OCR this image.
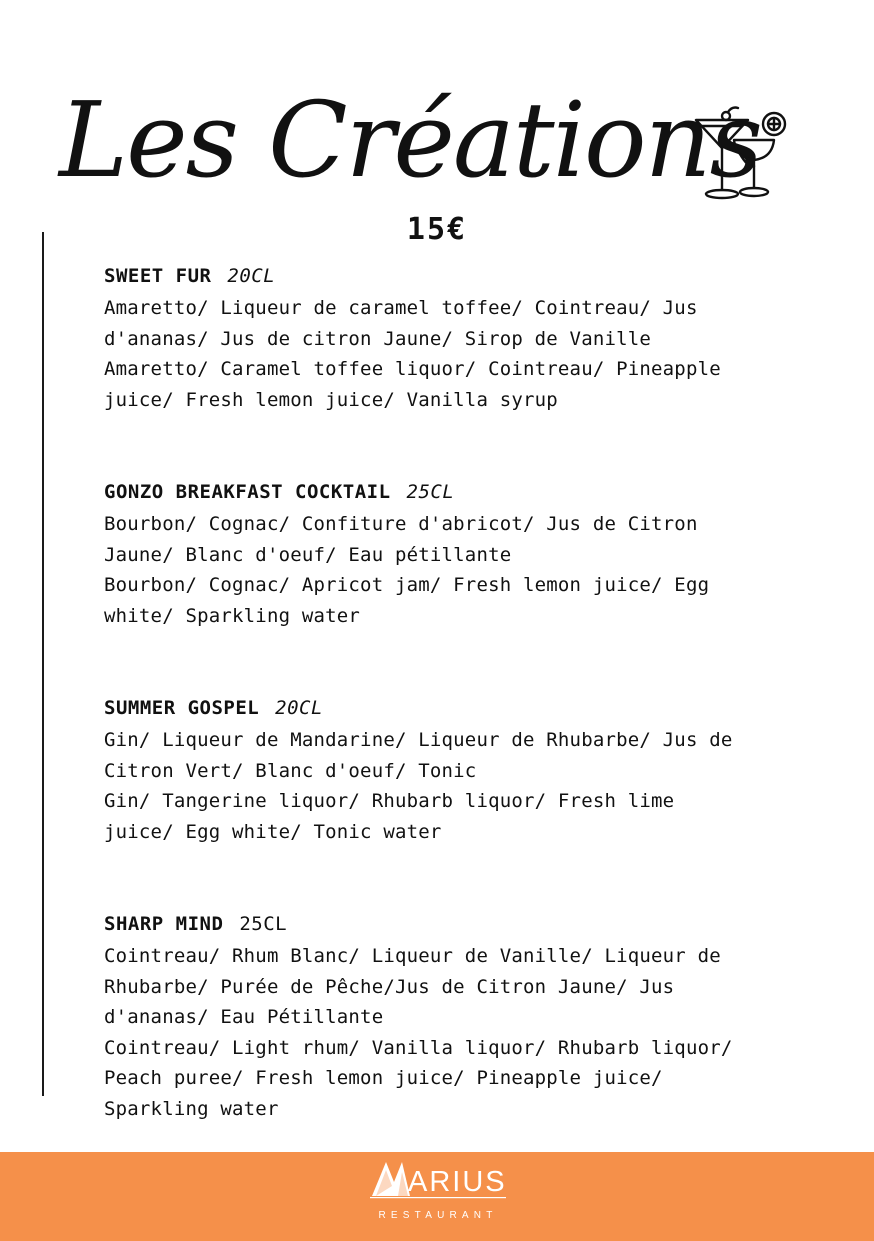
Les Créations
15€
SWEET FUR 20CL
Amaretto/ Liqueur de caramel toffee/ Cointreau/ Jus
d'ananas/ Jus de citron Jaune/ Sirop de Vanille
Amaretto/ Caramel toffee liquor/ Cointreau/ Pineapple
juice/ Fresh lemon juice/ Vanilla syrup
GONZO BREAKFAST COCKTAIL 25CL
Bourbon/ Cognac/ Confiture d'abricot/ Jus de Citron
Jaune/ Blanc d'oeuf/ Eau pétillante
Bourbon/ Cognac/ Apricot jam/ Fresh lemon juice/ Egg
white/ Sparkling water
SUMMER GOSPEL 20CL
Gin/ Liqueur de Mandarine/ Liqueur de Rhubarbe/ Jus de
Citron Vert/ Blanc d'oeuf/ Tonic
Gin/ Tangerine liquor/ Rhubarb liquor/ Fresh lime
juice/ Egg white/ Tonic water
SHARP MIND 25CL
Cointreau/ Rhum Blanc/ Liqueur de Vanille/ Liqueur de
Rhubarbe/ Purée de Pêche/Jus de Citron Jaune/ Jus
d'ananas/ Eau Pétillante
Cointreau/ Light rhum/ Vanilla liquor/ Rhubarb liquor/
Peach puree/ Fresh lemon juice/ Pineapple juice/
Sparkling water
ARIUS
RESTAURANT
